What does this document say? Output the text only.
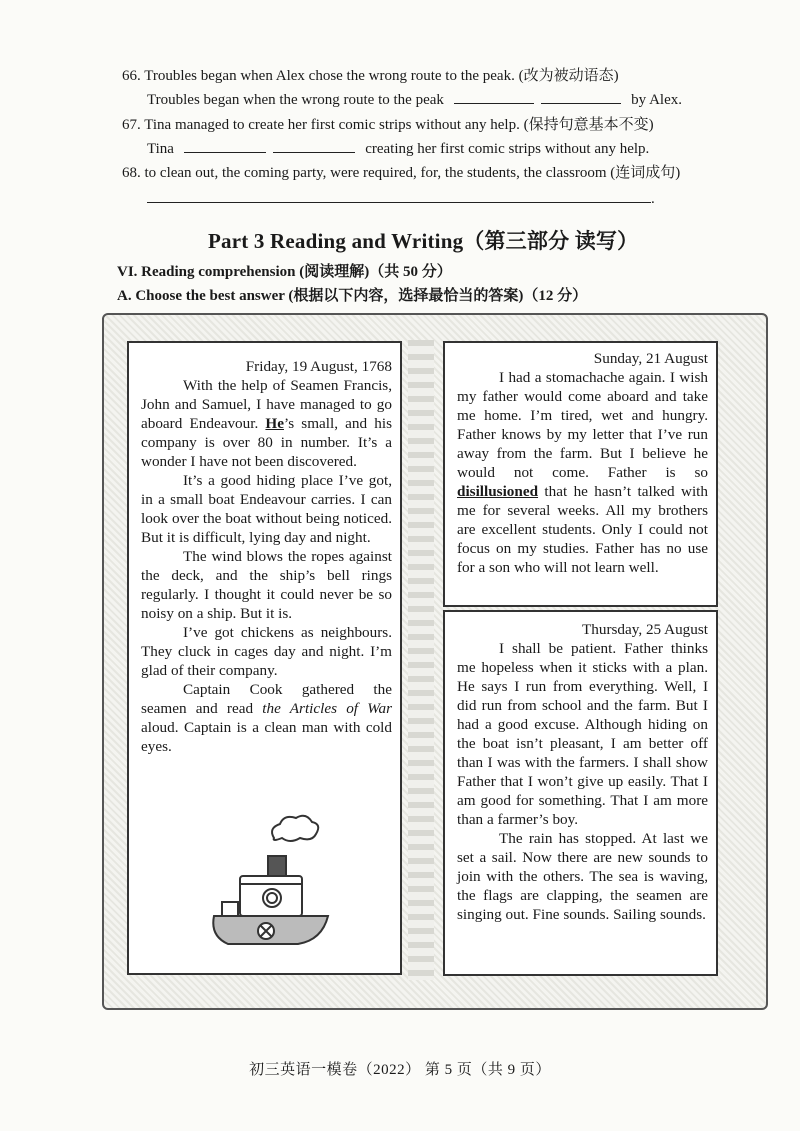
66. Troubles began when Alex chose the wrong route to the peak. (改为被动语态)
Troubles began when the wrong route to the peak	by Alex.
67. Tina managed to create her first comic strips without any help. (保持句意基本不变)
Tina	creating her first comic strips without any help.
68. to clean out, the coming party, were required, for, the students, the classroom (连词成句)
.
Part 3 Reading and Writing（第三部分 读写）
VI. Reading comprehension (阅读理解)（共 50 分）
A. Choose the best answer (根据以下内容，选择最恰当的答案)（12 分）

Friday, 19 August, 1768

With the help of Seamen Francis, John and Samuel, I have managed to go aboard Endeavour. He’s small, and his company is over 80 in number. It’s a wonder I have not been discovered.

It’s a good hiding place I’ve got, in a small boat Endeavour carries. I can look over the boat without being noticed. But it is difficult, lying day and night.

The wind blows the ropes against the deck, and the ship’s bell rings regularly. I thought it could never be so noisy on a ship. But it is.

I’ve got chickens as neighbours. They cluck in cages day and night. I’m glad of their company.

Captain Cook gathered the seamen and read the Articles of War aloud. Captain is a clean man with cold eyes.

Sunday, 21 August

I had a stomachache again. I wish my father would come aboard and take me home. I’m tired, wet and hungry. Father knows by my letter that I’ve run away from the farm. But I believe he would not come. Father is so disillusioned that he hasn’t talked with me for several weeks. All my brothers are excellent students. Only I could not focus on my studies. Father has no use for a son who will not learn well.

Thursday, 25 August

I shall be patient. Father thinks me hopeless when it sticks with a plan. He says I run from everything. Well, I did run from school and the farm. But I had a good excuse. Although hiding on the boat isn’t pleasant, I am better off than I was with the farmers. I shall show Father that I won’t give up easily. That I am good for something. That I am more than a farmer’s boy.

The rain has stopped. At last we set a sail. Now there are new sounds to join with the others. The sea is waving, the flags are clapping, the seamen are singing out. Fine sounds. Sailing sounds.

初三英语一模卷（2022） 第 5 页（共 9 页）
